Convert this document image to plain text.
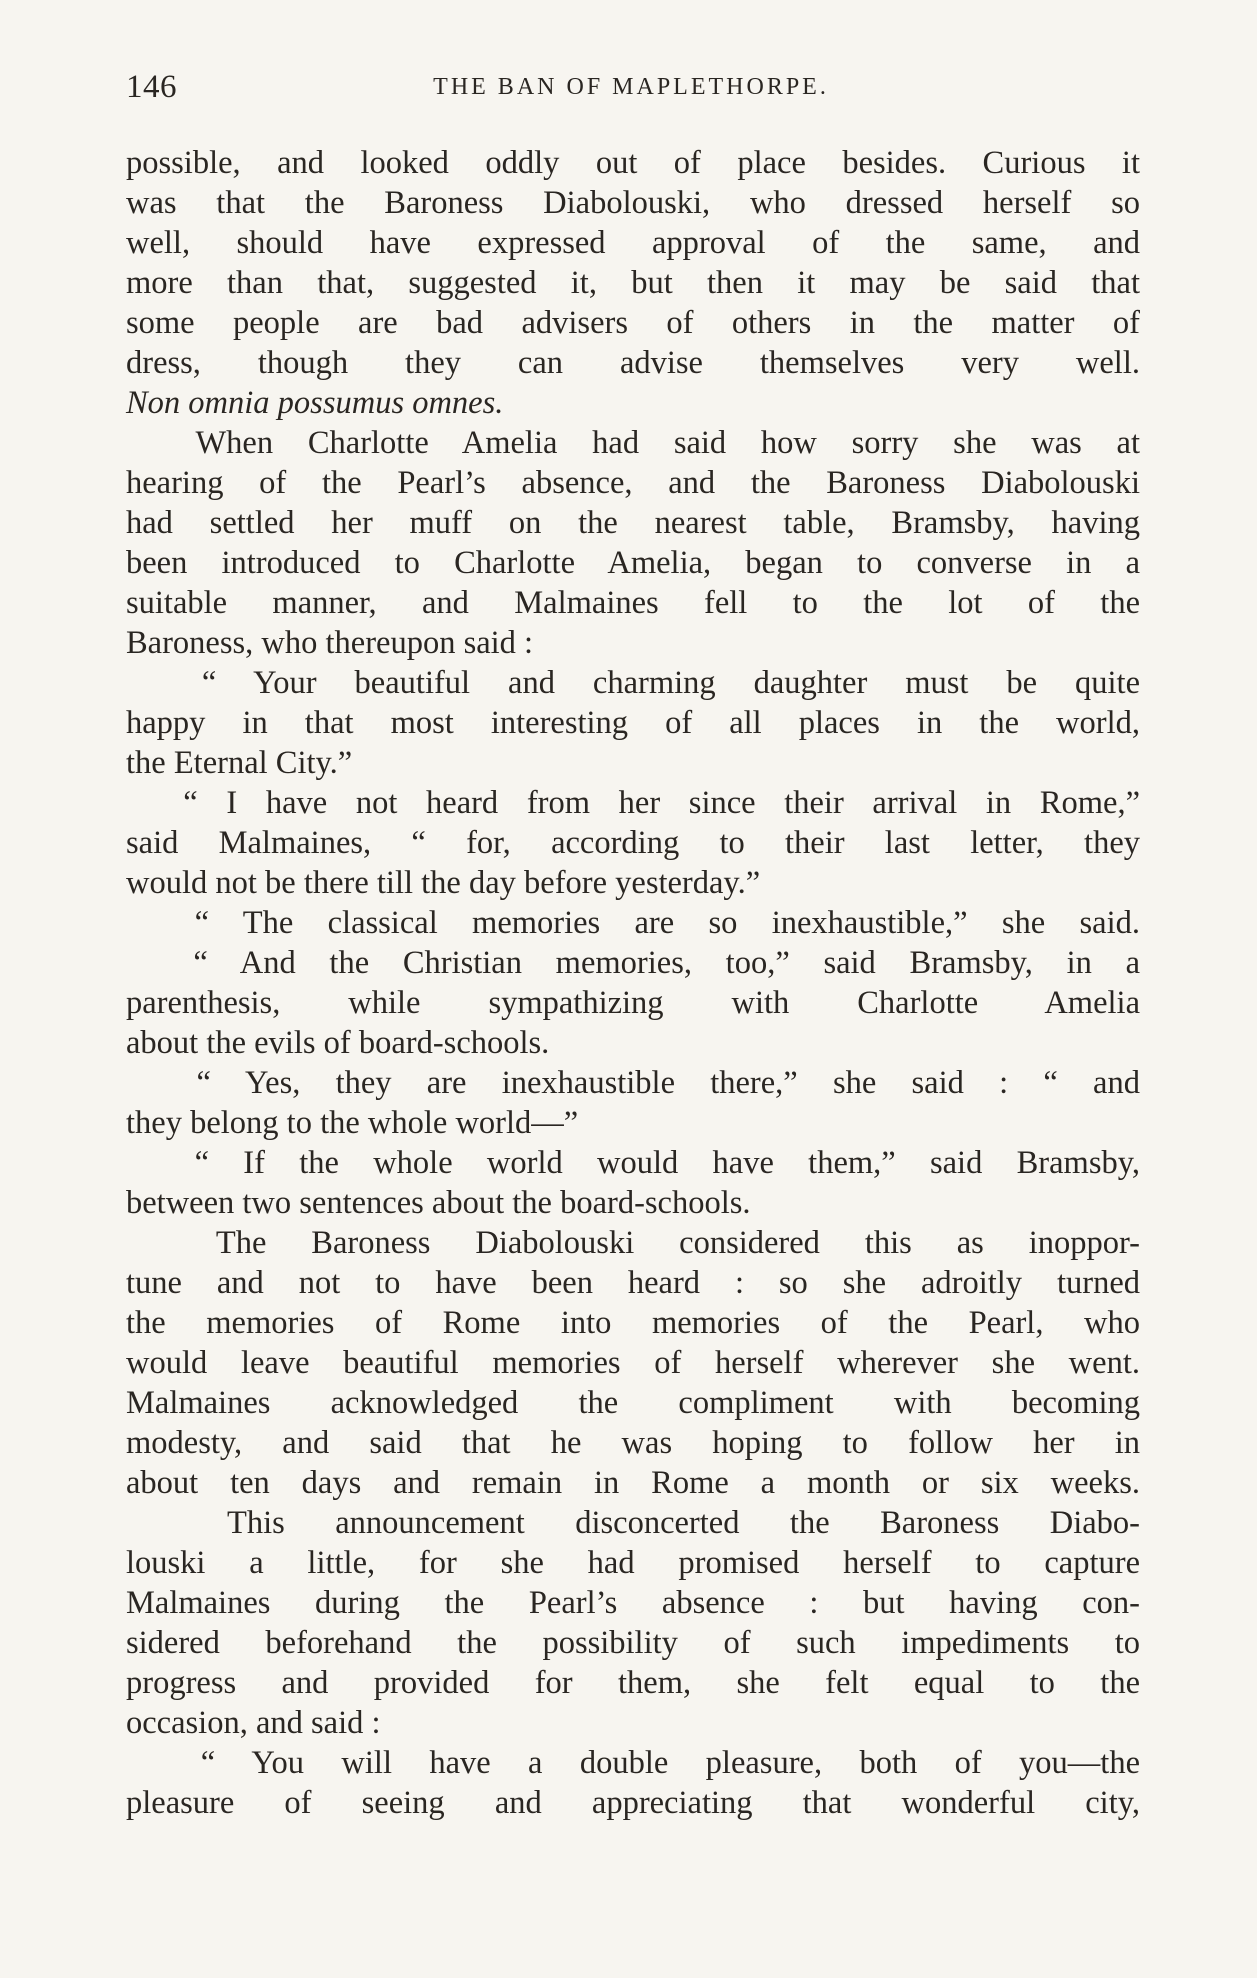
146	THE BAN OF MAPLETHORPE.
possible, and looked oddly out of place besides. Curious it
was that the Baroness Diabolouski, who dressed herself so
well, should have expressed approval of the same, and
more than that, suggested it, but then it may be said that
some people are bad advisers of others in the matter of
dress, though they can advise themselves very well.
Non omnia possumus omnes.
When Charlotte Amelia had said how sorry she was at
hearing of the Pearl’s absence, and the Baroness Diabolouski
had settled her muff on the nearest table, Bramsby, having
been introduced to Charlotte Amelia, began to converse in a
suitable manner, and Malmaines fell to the lot of the
Baroness, who thereupon said :
“ Your beautiful and charming daughter must be quite
happy in that most interesting of all places in the world,
the Eternal City.”
“ I have not heard from her since their arrival in Rome,”
said Malmaines, “ for, according to their last letter, they
would not be there till the day before yesterday.”
“ The classical memories are so inexhaustible,” she said.
“ And the Christian memories, too,” said Bramsby, in a
parenthesis, while sympathizing with Charlotte Amelia
about the evils of board-schools.
“ Yes, they are inexhaustible there,” she said : “ and
they belong to the whole world—”
“ If the whole world would have them,” said Bramsby,
between two sentences about the board-schools.
The Baroness Diabolouski considered this as inoppor-
tune and not to have been heard : so she adroitly turned
the memories of Rome into memories of the Pearl, who
would leave beautiful memories of herself wherever she went.
Malmaines acknowledged the compliment with becoming
modesty, and said that he was hoping to follow her in
about ten days and remain in Rome a month or six weeks.
This announcement disconcerted the Baroness Diabo-
louski a little, for she had promised herself to capture
Malmaines during the Pearl’s absence : but having con-
sidered beforehand the possibility of such impediments to
progress and provided for them, she felt equal to the
occasion, and said :
“ You will have a double pleasure, both of you—the
pleasure of seeing and appreciating that wonderful city,
